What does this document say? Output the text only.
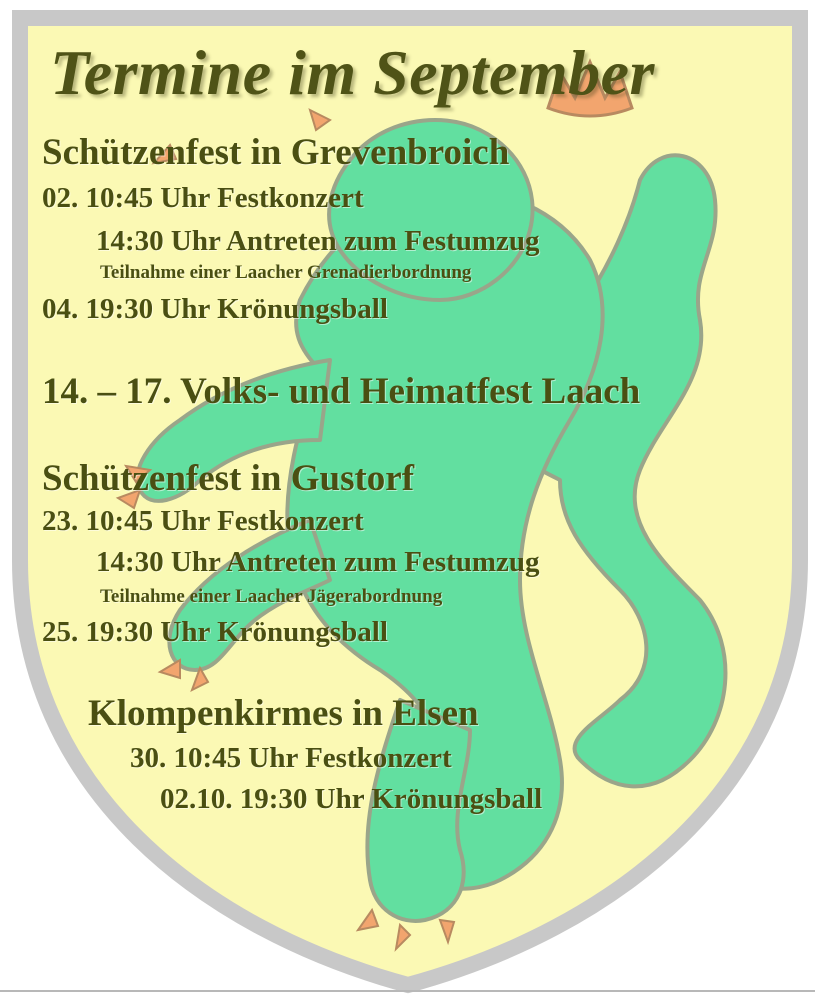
Termine im September
Schützenfest in Grevenbroich
02. 10:45 Uhr Festkonzert
14:30 Uhr Antreten zum Festumzug
Teilnahme einer Laacher Grenadierbordnung
04. 19:30 Uhr Krönungsball
14. – 17. Volks- und Heimatfest Laach
Schützenfest in Gustorf
23. 10:45 Uhr Festkonzert
14:30 Uhr Antreten zum Festumzug
Teilnahme einer Laacher Jägerabordnung
25. 19:30 Uhr Krönungsball
Klompenkirmes in Elsen
30. 10:45 Uhr Festkonzert
02.10. 19:30 Uhr Krönungsball
